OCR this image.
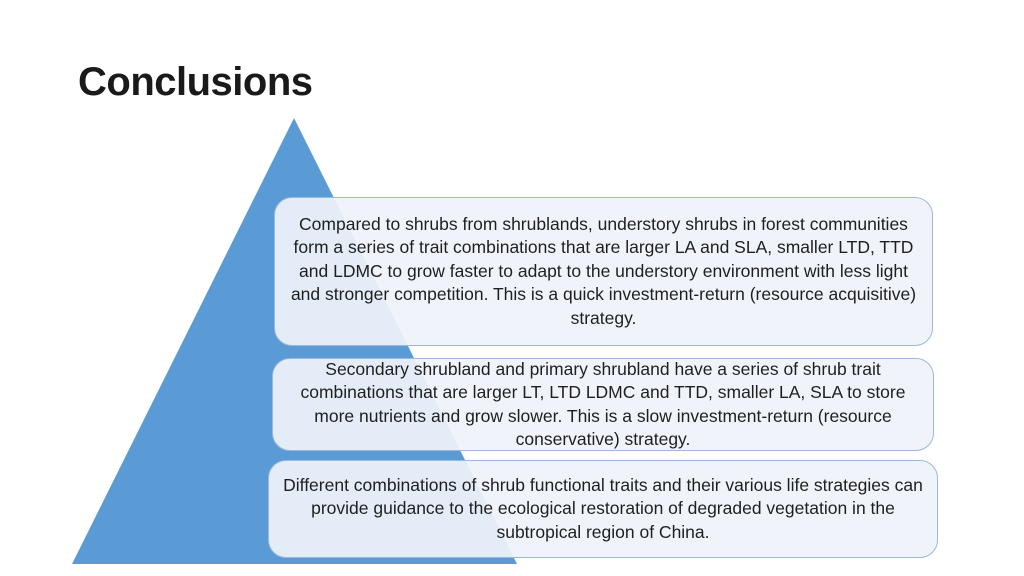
Conclusions
Compared to shrubs from shrublands, understory shrubs in forest communities form a series of trait combinations that are larger LA and SLA, smaller LTD, TTD and LDMC to grow faster to adapt to the understory environment with less light and stronger competition. This is a quick investment-return (resource acquisitive) strategy.
Secondary shrubland and primary shrubland have a series of shrub trait combinations that are larger LT, LTD LDMC and TTD, smaller LA, SLA to store more nutrients and grow slower. This is a slow investment-return (resource conservative) strategy.
Different combinations of shrub functional traits and their various life strategies can provide guidance to the ecological restoration of degraded vegetation in the subtropical region of China.
